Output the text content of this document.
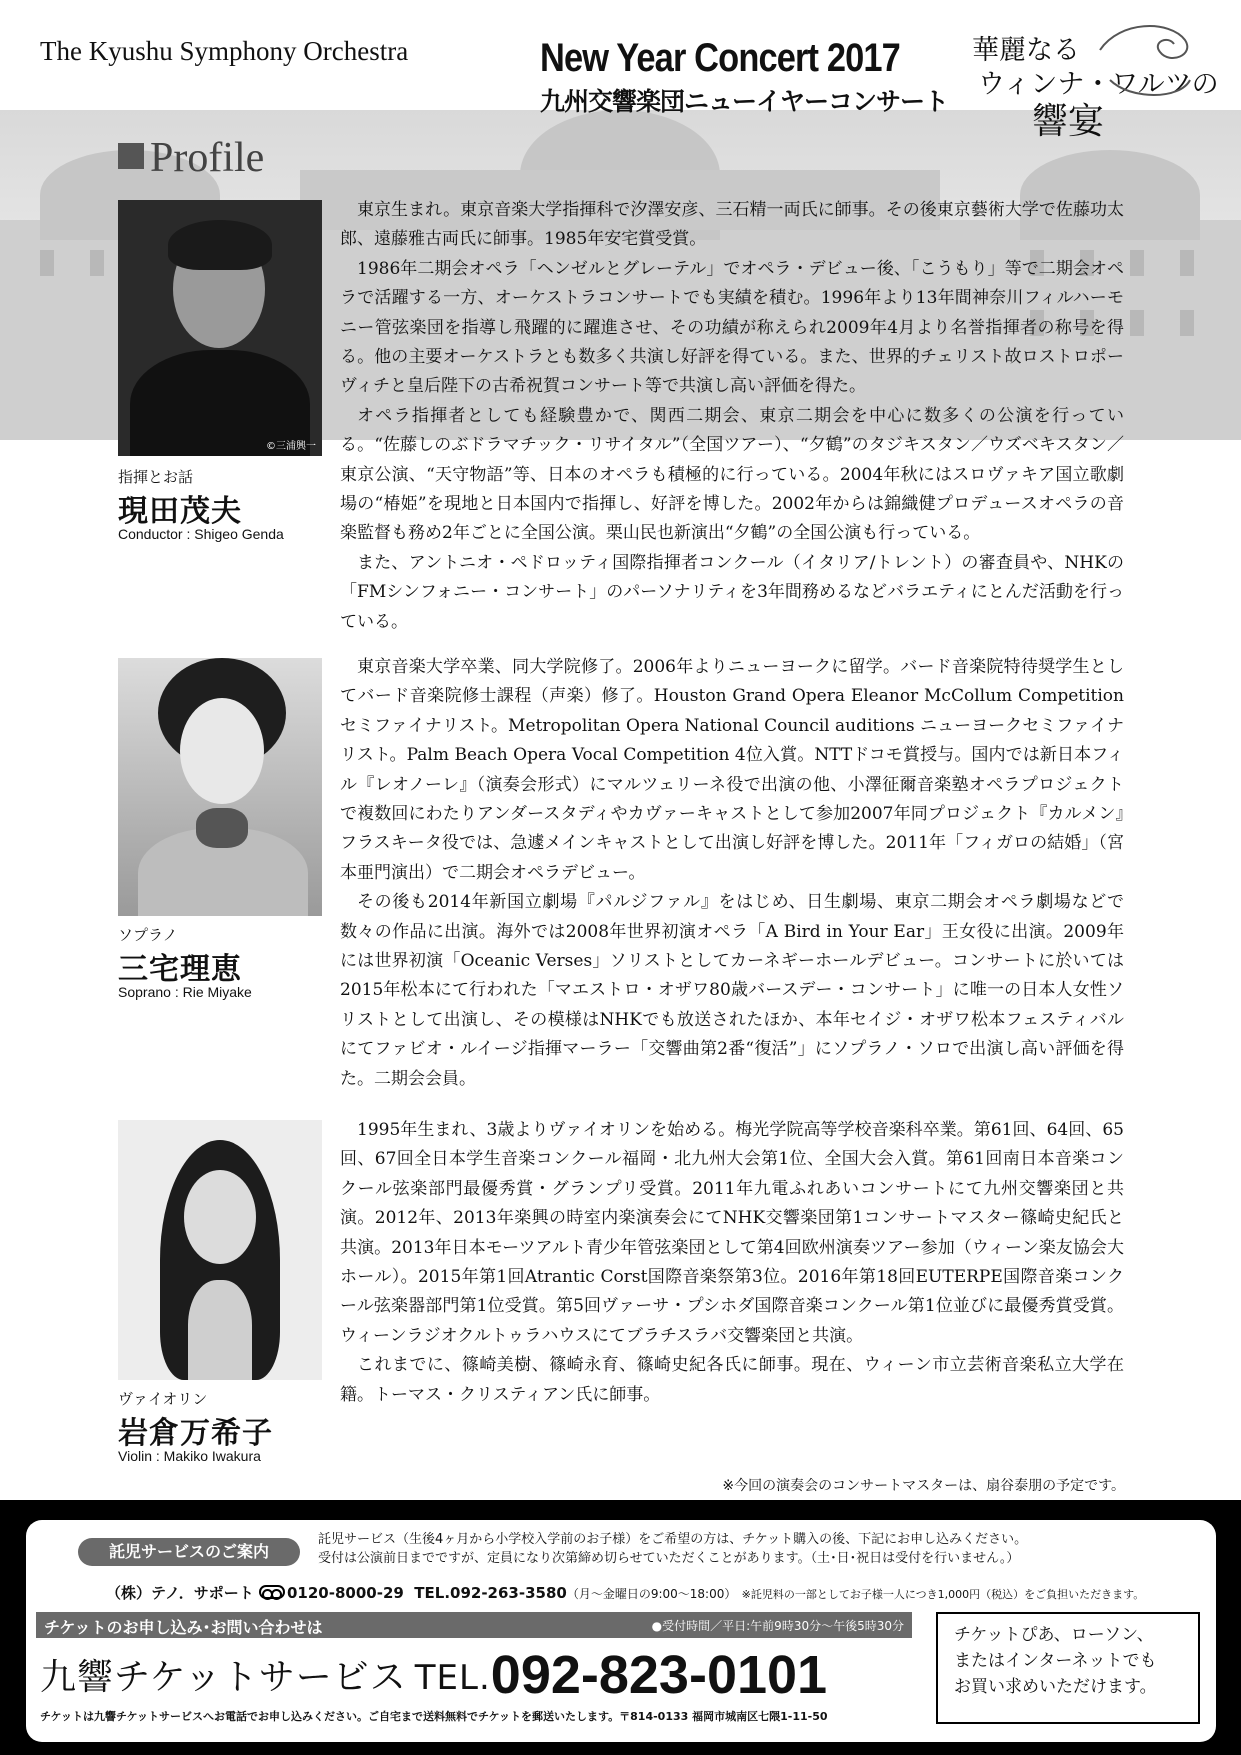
The Kyushu Symphony Orchestra	New Year Concert 2017
九州交響楽団ニューイヤーコンサート
華麗なる
ウィンナ・ワルツの
響宴
Profile
©三浦興一
指揮とお話
現田茂夫
Conductor : Shigeo Genda

東京生まれ。東京音楽大学指揮科で汐澤安彦、三石精一両氏に師事。その後東京藝術大学で佐藤功太郎、遠藤雅古両氏に師事。1985年安宅賞受賞。

1986年二期会オペラ「ヘンゼルとグレーテル」でオペラ・デビュー後、「こうもり」等で二期会オペラで活躍する一方、オーケストラコンサートでも実績を積む。1996年より13年間神奈川フィルハーモニー管弦楽団を指導し飛躍的に躍進させ、その功績が称えられ2009年4月より名誉指揮者の称号を得る。他の主要オーケストラとも数多く共演し好評を得ている。また、世界的チェリスト故ロストロポーヴィチと皇后陛下の古希祝賀コンサート等で共演し高い評価を得た。

オペラ指揮者としても経験豊かで、関西二期会、東京二期会を中心に数多くの公演を行っている。“佐藤しのぶドラマチック・リサイタル”（全国ツアー）、“夕鶴”のタジキスタン／ウズベキスタン／東京公演、“天守物語”等、日本のオペラも積極的に行っている。2004年秋にはスロヴァキア国立歌劇場の“椿姫”を現地と日本国内で指揮し、好評を博した。2002年からは錦織健プロデュースオペラの音楽監督も務め2年ごとに全国公演。栗山民也新演出“夕鶴”の全国公演も行っている。

また、アントニオ・ペドロッティ国際指揮者コンクール（イタリア/トレント）の審査員や、NHKの「FMシンフォニー・コンサート」のパーソナリティを3年間務めるなどバラエティにとんだ活動を行っている。

ソプラノ
三宅理恵
Soprano : Rie Miyake

東京音楽大学卒業、同大学院修了。2006年よりニューヨークに留学。バード音楽院特待奨学生としてバード音楽院修士課程（声楽）修了。Houston Grand Opera Eleanor McCollum Competition セミファイナリスト。Metropolitan Opera National Council auditions ニューヨークセミファイナリスト。Palm Beach Opera Vocal Competition 4位入賞。NTTドコモ賞授与。国内では新日本フィル『レオノーレ』（演奏会形式）にマルツェリーネ役で出演の他、小澤征爾音楽塾オペラプロジェクトで複数回にわたりアンダースタディやカヴァーキャストとして参加2007年同プロジェクト『カルメン』フラスキータ役では、急遽メインキャストとして出演し好評を博した。2011年「フィガロの結婚」（宮本亜門演出）で二期会オペラデビュー。

その後も2014年新国立劇場『パルジファル』をはじめ、日生劇場、東京二期会オペラ劇場などで数々の作品に出演。海外では2008年世界初演オペラ「A Bird in Your Ear」王女役に出演。2009年には世界初演「Oceanic Verses」ソリストとしてカーネギーホールデビュー。コンサートに於いては2015年松本にて行われた「マエストロ・オザワ80歳バースデー・コンサート」に唯一の日本人女性ソリストとして出演し、その模様はNHKでも放送されたほか、本年セイジ・オザワ松本フェスティバルにてファビオ・ルイージ指揮マーラー「交響曲第2番“復活”」にソプラノ・ソロで出演し高い評価を得た。二期会会員。

ヴァイオリン
岩倉万希子
Violin : Makiko Iwakura

1995年生まれ、3歳よりヴァイオリンを始める。梅光学院高等学校音楽科卒業。第61回、64回、65回、67回全日本学生音楽コンクール福岡・北九州大会第1位、全国大会入賞。第61回南日本音楽コンクール弦楽部門最優秀賞・グランプリ受賞。2011年九電ふれあいコンサートにて九州交響楽団と共演。2012年、2013年楽興の時室内楽演奏会にてNHK交響楽団第1コンサートマスター篠崎史紀氏と共演。2013年日本モーツアルト青少年管弦楽団として第4回欧州演奏ツアー参加（ウィーン楽友協会大ホール）。2015年第1回Atrantic Corst国際音楽祭第3位。2016年第18回EUTERPE国際音楽コンクール弦楽器部門第1位受賞。第5回ヴァーサ・プシホダ国際音楽コンクール第1位並びに最優秀賞受賞。ウィーンラジオクルトゥラハウスにてブラチスラバ交響楽団と共演。

これまでに、篠崎美樹、篠崎永育、篠崎史紀各氏に師事。現在、ウィーン市立芸術音楽私立大学在籍。トーマス・クリスティアン氏に師事。

※今回の演奏会のコンサートマスターは、扇谷泰朋の予定です。
託児サービスのご案内
託児サービス（生後4ヶ月から小学校入学前のお子様）をご希望の方は、チケット購入の後、下記にお申し込みください。
受付は公演前日までですが、定員になり次第締め切らせていただくことがあります。（土･日･祝日は受付を行いません。）
（株）テノ．サポート 0120-8000-29 TEL.092-263-3580（月～金曜日の9:00～18:00） ※託児料の一部としてお子様一人につき1,000円（税込）をご負担いただきます。
チケットのお申し込み･お問い合わせは	●受付時間／平日:午前9時30分～午後5時30分
九響チケットサービス TEL.092-823-0101
チケットは九響チケットサービスへお電話でお申し込みください。ご自宅まで送料無料でチケットを郵送いたします。〒814-0133 福岡市城南区七隈1-11-50
チケットぴあ、ローソン、
またはインターネットでも
お買い求めいただけます。
